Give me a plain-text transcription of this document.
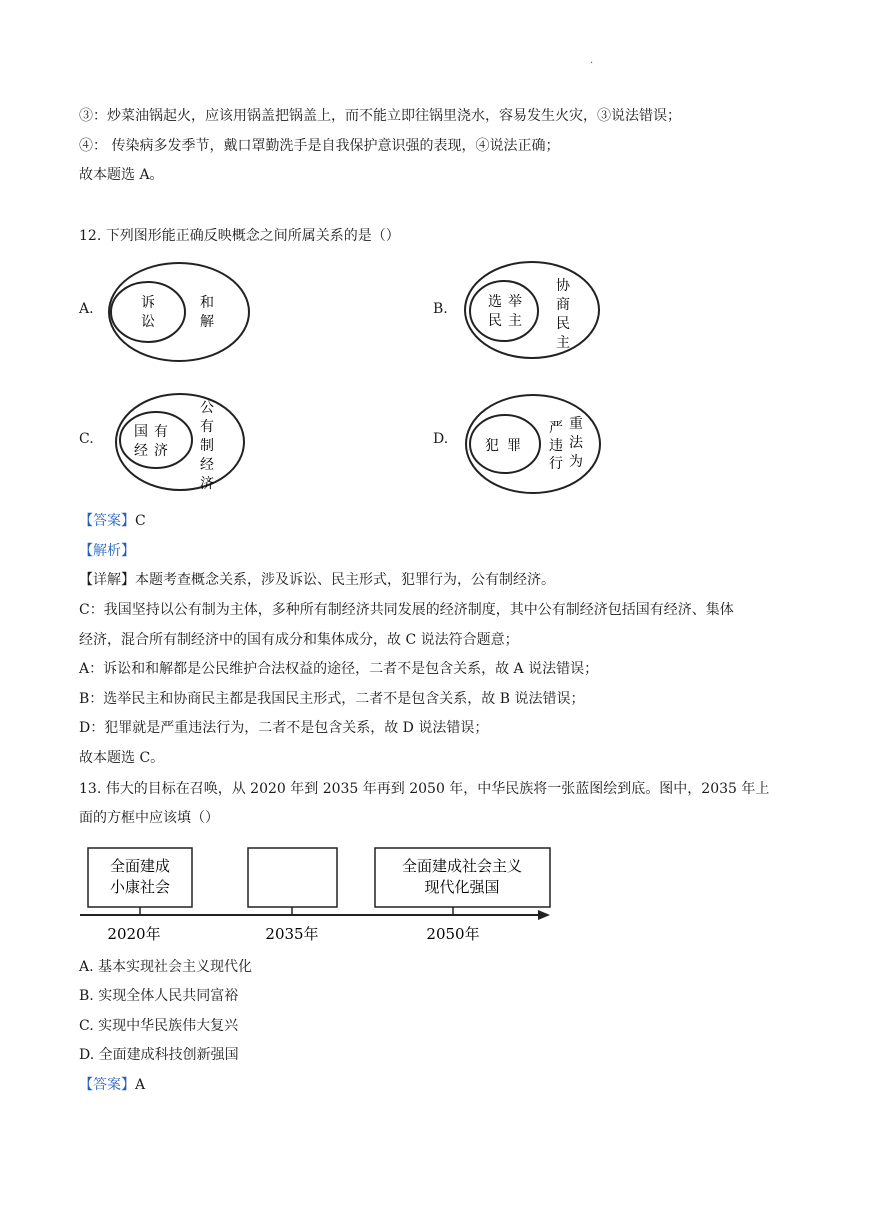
·
③：炒菜油锅起火，应该用锅盖把锅盖上，而不能立即往锅里浇水，容易发生火灾，③说法错误；
④： 传染病多发季节，戴口罩勤洗手是自我保护意识强的表现，④说法正确；
故本题选 A。
12. 下列图形能正确反映概念之间所属关系的是（）
A.	B.
C.	D.
诉
讼
和
解
选 举
民 主
协
商
民
主
国 有
经 济
公
有
制
经
济
犯 罪
严 重
违 法
行 为
【答案】C
【解析】
【详解】本题考查概念关系，涉及诉讼、民主形式，犯罪行为，公有制经济。
C：我国坚持以公有制为主体，多种所有制经济共同发展的经济制度，其中公有制经济包括国有经济、集体
经济，混合所有制经济中的国有成分和集体成分，故 C 说法符合题意；
A：诉讼和和解都是公民维护合法权益的途径，二者不是包含关系，故 A 说法错误；
B：选举民主和协商民主都是我国民主形式，二者不是包含关系，故 B 说法错误；
D：犯罪就是严重违法行为，二者不是包含关系，故 D 说法错误；
故本题选 C。
13. 伟大的目标在召唤，从 2020 年到 2035 年再到 2050 年，中华民族将一张蓝图绘到底。图中，2035 年上
面的方框中应该填（）
全面建成
小康社会
全面建成社会主义
现代化强国
2020年	2035年	2050年
A. 基本实现社会主义现代化
B. 实现全体人民共同富裕
C. 实现中华民族伟大复兴
D. 全面建成科技创新强国
【答案】A
